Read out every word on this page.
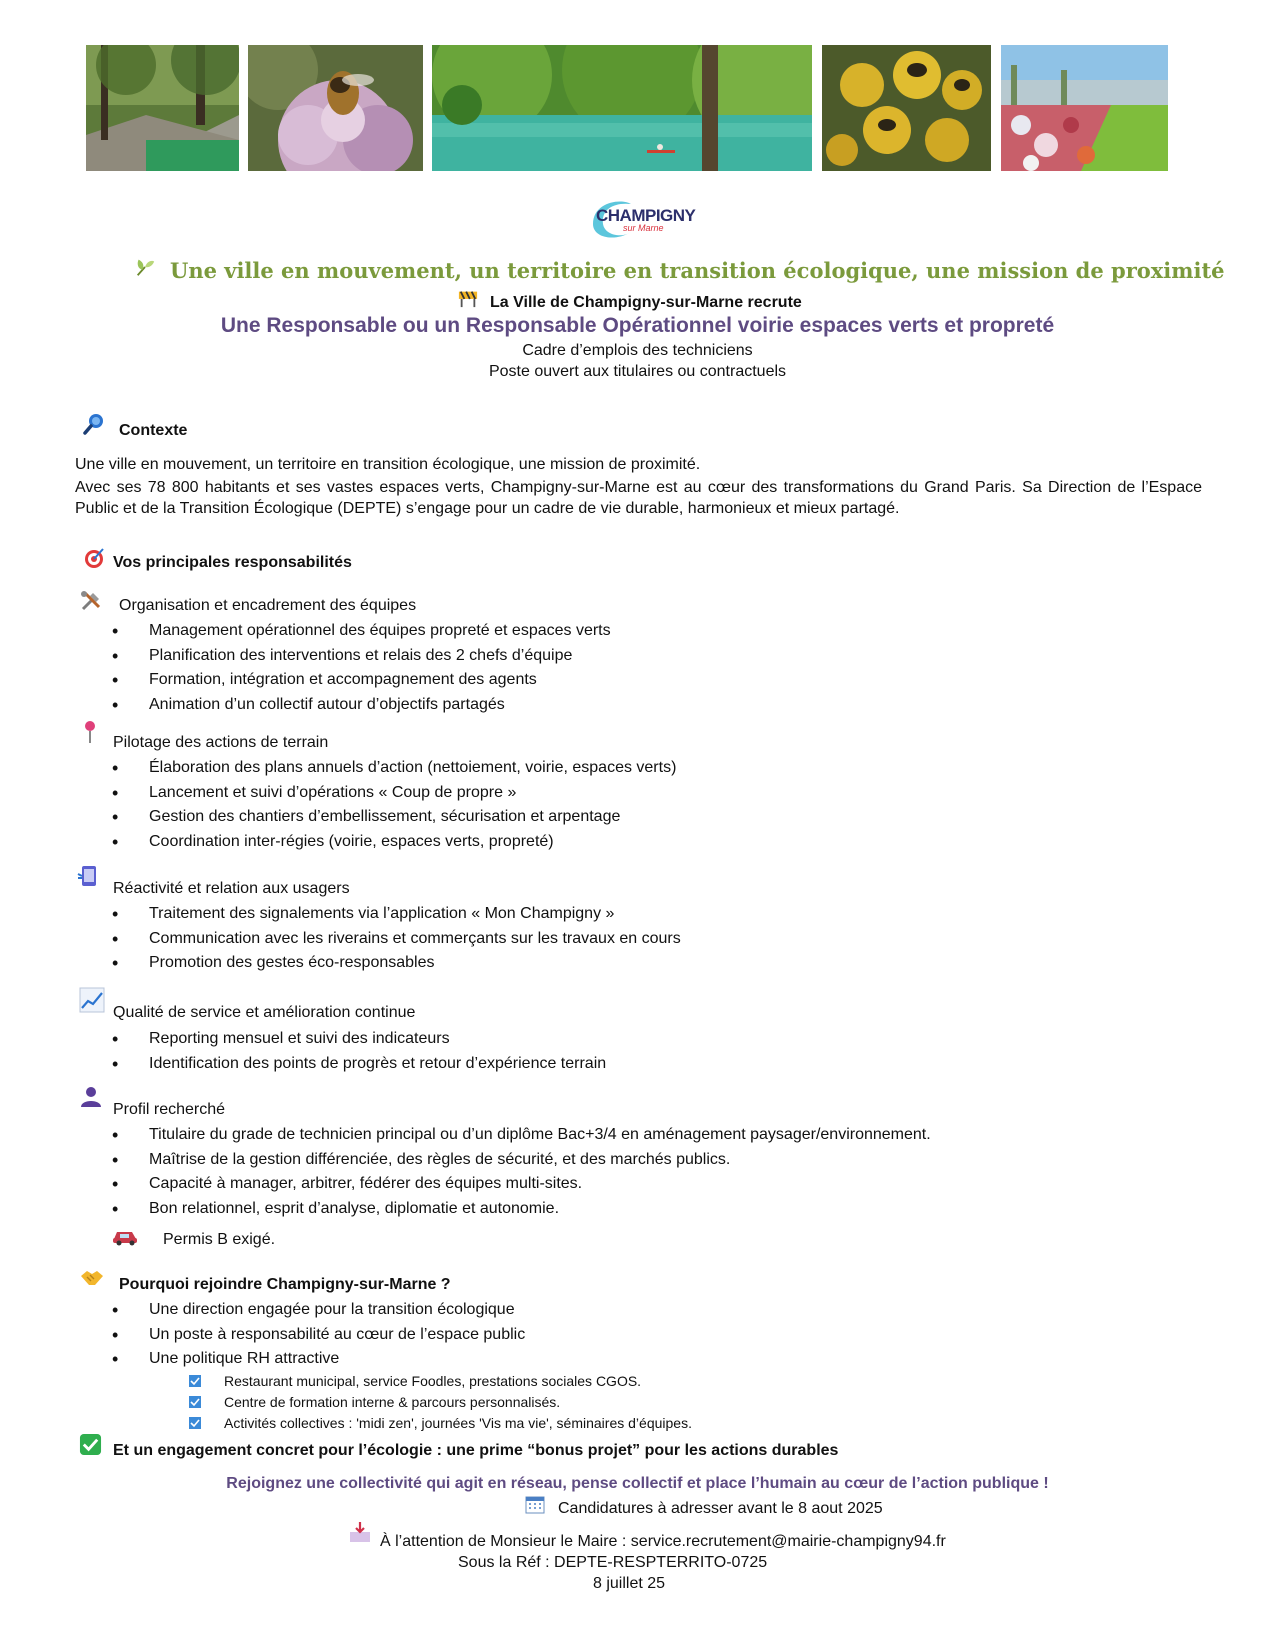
CHAMPIGNY
sur Marne
Une ville en mouvement, un territoire en transition écologique, une mission de proximité
La Ville de Champigny-sur-Marne recrute
Une Responsable ou un Responsable Opérationnel voirie espaces verts et propreté
Cadre d’emplois des techniciens
Poste ouvert aux titulaires ou contractuels
Contexte
Une ville en mouvement, un territoire en transition écologique, une mission de proximité.
Avec ses 78 800 habitants et ses vastes espaces verts, Champigny-sur-Marne est au cœur des transformations du Grand Paris. Sa Direction de l’Espace Public et de la Transition Écologique (DEPTE) s’engage pour un cadre de vie durable, harmonieux et mieux partagé.
Vos principales responsabilités
Organisation et encadrement des équipes
• Management opérationnel des équipes propreté et espaces verts
• Planification des interventions et relais des 2 chefs d’équipe
• Formation, intégration et accompagnement des agents
• Animation d’un collectif autour d’objectifs partagés
Pilotage des actions de terrain
• Élaboration des plans annuels d’action (nettoiement, voirie, espaces verts)
• Lancement et suivi d’opérations « Coup de propre »
• Gestion des chantiers d’embellissement, sécurisation et arpentage
• Coordination inter-régies (voirie, espaces verts, propreté)
Réactivité et relation aux usagers
• Traitement des signalements via l’application « Mon Champigny »
• Communication avec les riverains et commerçants sur les travaux en cours
• Promotion des gestes éco-responsables
Qualité de service et amélioration continue
• Reporting mensuel et suivi des indicateurs
• Identification des points de progrès et retour d’expérience terrain
Profil recherché
• Titulaire du grade de technicien principal ou d’un diplôme Bac+3/4 en aménagement paysager/environnement.
• Maîtrise de la gestion différenciée, des règles de sécurité, et des marchés publics.
• Capacité à manager, arbitrer, fédérer des équipes multi-sites.
• Bon relationnel, esprit d’analyse, diplomatie et autonomie.
Permis B exigé.
Pourquoi rejoindre Champigny-sur-Marne ?
• Une direction engagée pour la transition écologique
• Un poste à responsabilité au cœur de l’espace public
• Une politique RH attractive
Restaurant municipal, service Foodles, prestations sociales CGOS.
Centre de formation interne & parcours personnalisés.
Activités collectives : 'midi zen', journées 'Vis ma vie', séminaires d’équipes.
Et un engagement concret pour l’écologie : une prime “bonus projet” pour les actions durables
Rejoignez une collectivité qui agit en réseau, pense collectif et place l’humain au cœur de l’action publique !
Candidatures à adresser avant le 8 aout 2025
À l’attention de Monsieur le Maire : service.recrutement@mairie-champigny94.fr
Sous la Réf : DEPTE-RESPTERRITO-0725
8 juillet 25
